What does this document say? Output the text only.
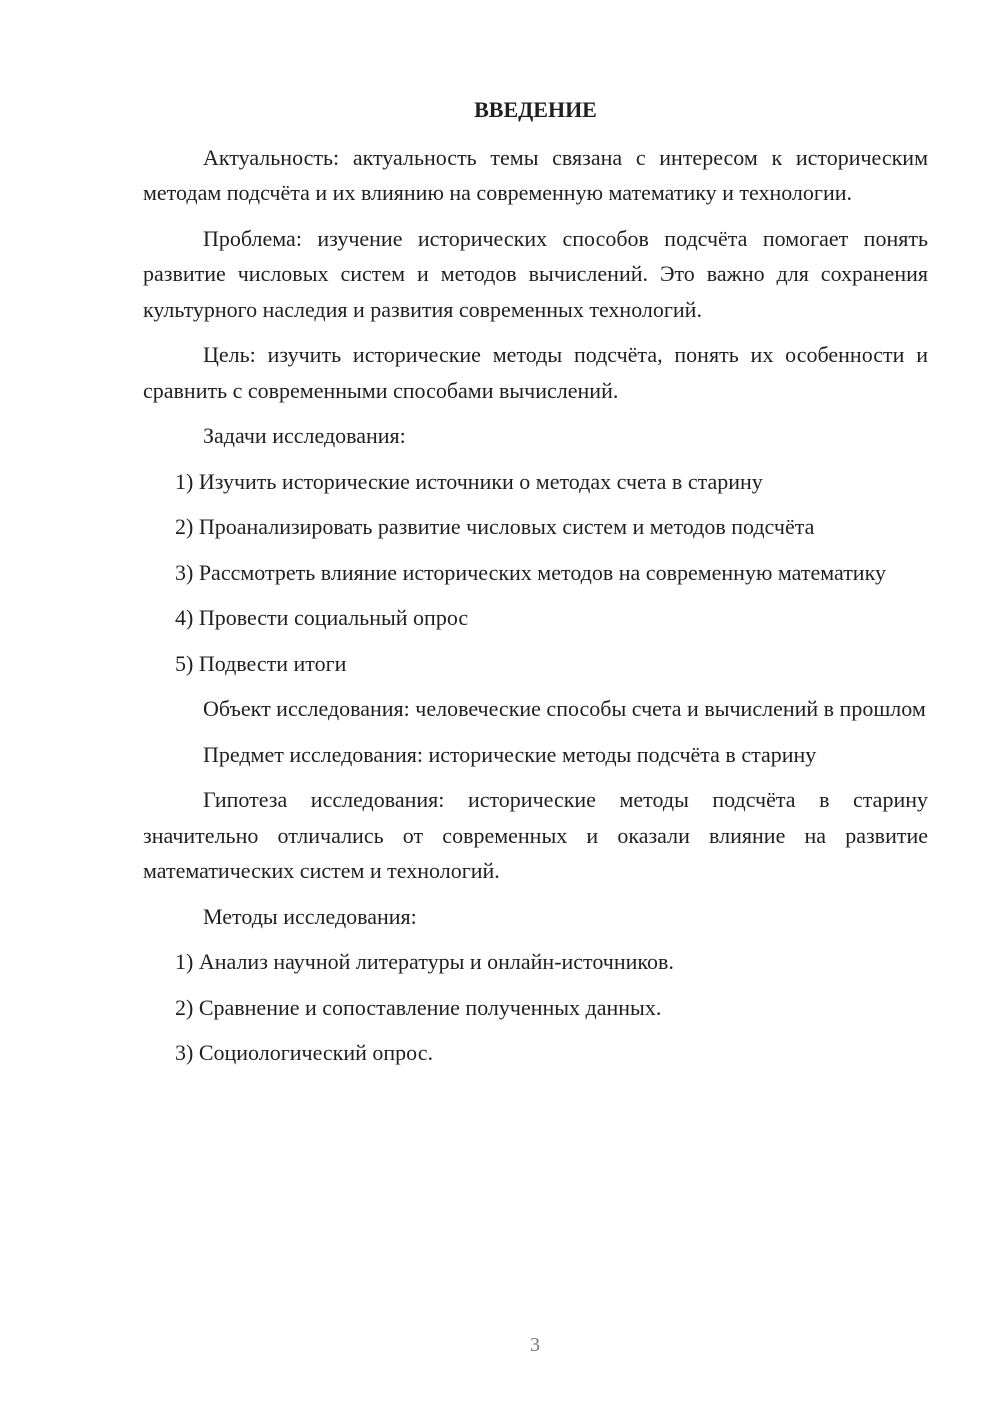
ВВЕДЕНИЕ

Актуальность: актуальность темы связана с интересом к историческим методам подсчёта и их влиянию на современную математику и технологии.

Проблема: изучение исторических способов подсчёта помогает понять развитие числовых систем и методов вычислений. Это важно для сохранения культурного наследия и развития современных технологий.

Цель: изучить исторические методы подсчёта, понять их особенности и сравнить с современными способами вычислений.

Задачи исследования:

1) Изучить исторические источники о методах счета в старину

2) Проанализировать развитие числовых систем и методов подсчёта

3) Рассмотреть влияние исторических методов на современную математику

4) Провести социальный опрос

5) Подвести итоги

Объект исследования: человеческие способы счета и вычислений в прошлом

Предмет исследования: исторические методы подсчёта в старину

Гипотеза исследования: исторические методы подсчёта в старину значительно отличались от современных и оказали влияние на развитие математических систем и технологий.

Методы исследования:

1) Анализ научной литературы и онлайн-источников.

2) Сравнение и сопоставление полученных данных.

3) Социологический опрос.

3
